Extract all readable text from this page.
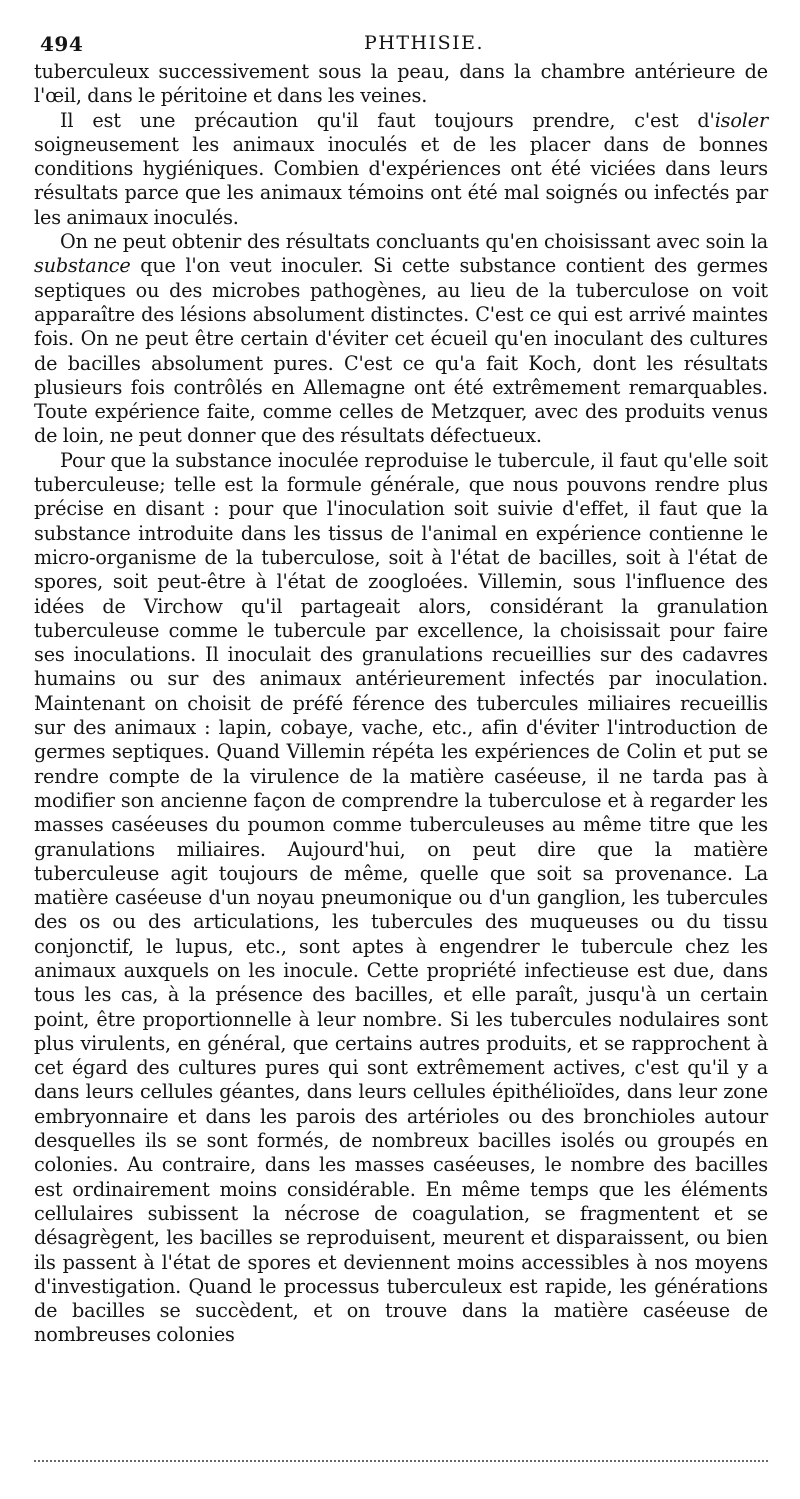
494	PHTHISIE.

tuberculeux successivement sous la peau, dans la chambre antérieure de l'œil, dans le péritoine et dans les veines.

Il est une précaution qu'il faut toujours prendre, c'est d'isoler soigneusement les animaux inoculés et de les placer dans de bonnes conditions hygiéniques. Combien d'expériences ont été viciées dans leurs résultats parce que les animaux témoins ont été mal soignés ou infectés par les animaux inoculés.

On ne peut obtenir des résultats concluants qu'en choisissant avec soin la substance que l'on veut inoculer. Si cette substance contient des germes septiques ou des microbes pathogènes, au lieu de la tuberculose on voit apparaître des lésions absolument distinctes. C'est ce qui est arrivé maintes fois. On ne peut être certain d'éviter cet écueil qu'en inoculant des cultures de bacilles absolument pures. C'est ce qu'a fait Koch, dont les résultats plusieurs fois contrôlés en Allemagne ont été extrêmement remarquables. Toute expérience faite, comme celles de Metzquer, avec des produits venus de loin, ne peut donner que des résultats défectueux.

Pour que la substance inoculée reproduise le tubercule, il faut qu'elle soit tuberculeuse; telle est la formule générale, que nous pouvons rendre plus précise en disant : pour que l'inoculation soit suivie d'effet, il faut que la substance introduite dans les tissus de l'animal en expérience contienne le micro-organisme de la tuberculose, soit à l'état de bacilles, soit à l'état de spores, soit peut-être à l'état de zoogloées. Villemin, sous l'influence des idées de Virchow qu'il partageait alors, considérant la granulation tuberculeuse comme le tubercule par excellence, la choisissait pour faire ses inoculations. Il inoculait des granulations recueillies sur des cadavres humains ou sur des animaux antérieurement infectés par inoculation. Maintenant on choisit de préfé férence des tubercules miliaires recueillis sur des animaux : lapin, cobaye, vache, etc., afin d'éviter l'introduction de germes septiques. Quand Villemin répéta les expériences de Colin et put se rendre compte de la virulence de la matière caséeuse, il ne tarda pas à modifier son ancienne façon de comprendre la tuberculose et à regarder les masses caséeuses du poumon comme tuberculeuses au même titre que les granulations miliaires. Aujourd'hui, on peut dire que la matière tuberculeuse agit toujours de même, quelle que soit sa provenance. La matière caséeuse d'un noyau pneumonique ou d'un ganglion, les tubercules des os ou des articulations, les tubercules des muqueuses ou du tissu conjonctif, le lupus, etc., sont aptes à engendrer le tubercule chez les animaux auxquels on les inocule. Cette propriété infectieuse est due, dans tous les cas, à la présence des bacilles, et elle paraît, jusqu'à un certain point, être proportionnelle à leur nombre. Si les tubercules nodulaires sont plus virulents, en général, que certains autres produits, et se rapprochent à cet égard des cultures pures qui sont extrêmement actives, c'est qu'il y a dans leurs cellules géantes, dans leurs cellules épithélioïdes, dans leur zone embryonnaire et dans les parois des artérioles ou des bronchioles autour desquelles ils se sont formés, de nombreux bacilles isolés ou groupés en colonies. Au contraire, dans les masses caséeuses, le nombre des bacilles est ordinairement moins considérable. En même temps que les éléments cellulaires subissent la nécrose de coagulation, se fragmentent et se désagrègent, les bacilles se reproduisent, meurent et disparaissent, ou bien ils passent à l'état de spores et deviennent moins accessibles à nos moyens d'investigation. Quand le processus tuberculeux est rapide, les générations de bacilles se succèdent, et on trouve dans la matière caséeuse de nombreuses colonies
